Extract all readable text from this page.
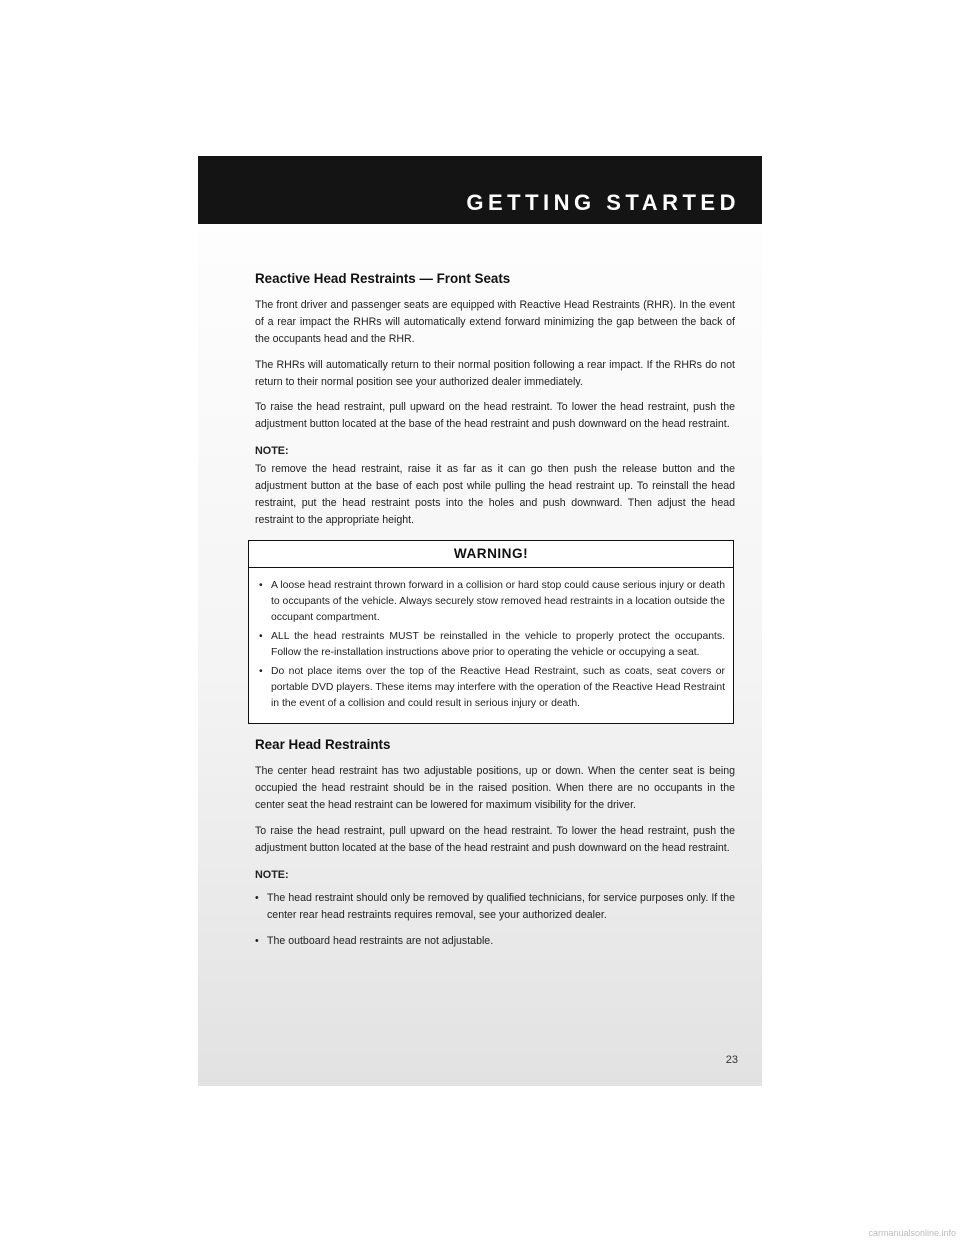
GETTING STARTED
Reactive Head Restraints — Front Seats

The front driver and passenger seats are equipped with Reactive Head Restraints (RHR). In the event of a rear impact the RHRs will automatically extend forward minimizing the gap between the back of the occupants head and the RHR.

The RHRs will automatically return to their normal position following a rear impact. If the RHRs do not return to their normal position see your authorized dealer immediately.

To raise the head restraint, pull upward on the head restraint. To lower the head restraint, push the adjustment button located at the base of the head restraint and push downward on the head restraint.

NOTE:

To remove the head restraint, raise it as far as it can go then push the release button and the adjustment button at the base of each post while pulling the head restraint up. To reinstall the head restraint, put the head restraint posts into the holes and push downward. Then adjust the head restraint to the appropriate height.

WARNING!
• A loose head restraint thrown forward in a collision or hard stop could cause serious injury or death to occupants of the vehicle. Always securely stow removed head restraints in a location outside the occupant compartment.
• ALL the head restraints MUST be reinstalled in the vehicle to properly protect the occupants. Follow the re-installation instructions above prior to operating the vehicle or occupying a seat.
• Do not place items over the top of the Reactive Head Restraint, such as coats, seat covers or portable DVD players. These items may interfere with the operation of the Reactive Head Restraint in the event of a collision and could result in serious injury or death.
Rear Head Restraints

The center head restraint has two adjustable positions, up or down. When the center seat is being occupied the head restraint should be in the raised position. When there are no occupants in the center seat the head restraint can be lowered for maximum visibility for the driver.

To raise the head restraint, pull upward on the head restraint. To lower the head restraint, push the adjustment button located at the base of the head restraint and push downward on the head restraint.

NOTE:
• The head restraint should only be removed by qualified technicians, for service purposes only. If the center rear head restraints requires removal, see your authorized dealer.
• The outboard head restraints are not adjustable.
23
carmanualsonline.info
